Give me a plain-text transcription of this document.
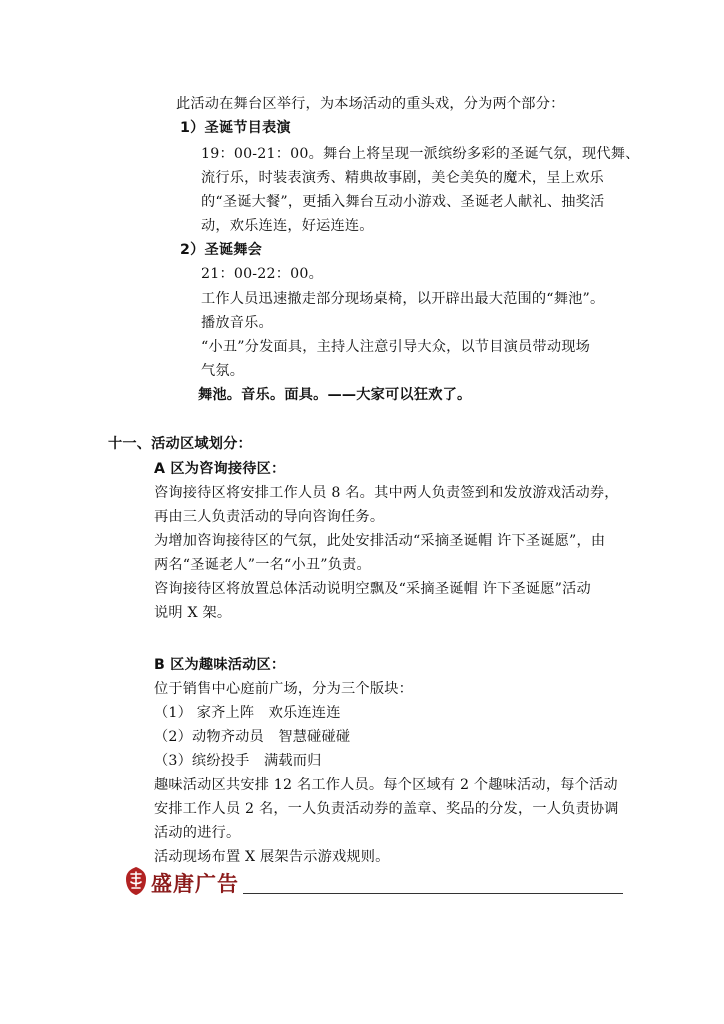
此活动在舞台区举行，为本场活动的重头戏，分为两个部分：
1）圣诞节目表演
19：00-21：00。舞台上将呈现一派缤纷多彩的圣诞气氛，现代舞、
流行乐，时装表演秀、精典故事剧，美仑美奂的魔术，呈上欢乐
的“圣诞大餐”，更插入舞台互动小游戏、圣诞老人献礼、抽奖活
动，欢乐连连，好运连连。
2）圣诞舞会
21：00-22：00。
工作人员迅速撤走部分现场桌椅，以开辟出最大范围的“舞池”。
播放音乐。
“小丑”分发面具，主持人注意引导大众，以节目演员带动现场
气氛。
舞池。音乐。面具。——大家可以狂欢了。
十一、活动区域划分：
A 区为咨询接待区：
咨询接待区将安排工作人员 8 名。其中两人负责签到和发放游戏活动券，
再由三人负责活动的导向咨询任务。
为增加咨询接待区的气氛，此处安排活动“采摘圣诞帽 许下圣诞愿”，由
两名“圣诞老人”一名“小丑”负责。
咨询接待区将放置总体活动说明空飘及“采摘圣诞帽 许下圣诞愿”活动
说明 X 架。
B 区为趣味活动区：
位于销售中心庭前广场，分为三个版块：
（1） 家齐上阵　欢乐连连连
（2）动物齐动员　智慧碰碰碰
（3）缤纷投手　满载而归
趣味活动区共安排 12 名工作人员。每个区域有 2 个趣味活动，每个活动
安排工作人员 2 名，一人负责活动券的盖章、奖品的分发，一人负责协调
活动的进行。
活动现场布置 X 展架告示游戏规则。
盛唐广告
